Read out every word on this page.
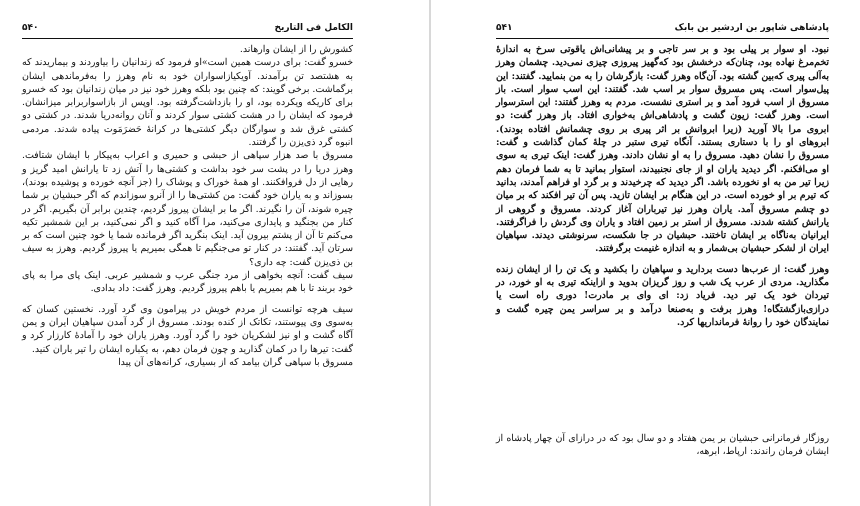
۵۴۰	الکامل فی التاریخ

کشورش را از ایشان وارهاند.

خسرو گفت: برای درست همین است»‌او فرمود که زندانیان را بیاوردند و بیماریدند که به هشتصد تن برآمدند. آویکیاز‌اسواران خود به نام وهرز را به‌فرماندهی ایشان برگماشت. برخی گویند: که چنین بود بلکه وهرز خود نیز در میان زندانیان بود که خسرو برای کاریکه ویکرده بود، او را بازداشت‌گرفته بود. اوپس از باز‌اسوار‌برابر میزانشان. فرمود که ایشان را در هشت کشتی سوار کردند و آنان روانه‌دریا شدند. در کشتی دو کشتی غرق شد و سوارگان دیگر کشتی‌ها در کرانهٔ حَضرَمَوت پیاده شدند. مردمی انبوه گرد ذی‌یزن را گرفتند.

مسروق با صد هزار سپاهی از حبشی و حمیری و اعراب به‌پیکار با ایشان شتافت. وهرز دریا را در پشت سر خود بداشت و کشتی‌ها را آتش زد تا یارانش امید گریز و رهایی از دل فروافکنند. او همهٔ خوراک و پوشاک را (جز آنچه خورده و پوشیده بودند)، بسوزاند و به یاران خود گفت: من کشتی‌ها را از آنرو سوزاندم که اگر حبشیان بر شما چیره شوند، آن را نگیرند. اگر ما بر ایشان پیروز گردیم، چندین برابر آن بگیریم. اگر در کنار من بجنگید و پایداری می‌کنید، مرا آگاه کنید و اگر نمی‌کنید، بر این شمشیر تکیه می‌کنم تا آن از پشتم بیرون آید. اینک بنگرید اگر فرمانده شما یا خود چنین است که بر سرتان آید. گفتند: در کنار تو می‌جنگیم تا همگی بمیریم یا پیروز گردیم. وهرز به سیف بن ذی‌یزن گفت: چه داری؟

سیف گفت: آنچه بخواهی از مرد جنگی عرب و شمشیر عربی. اینک پای مرا به پای خود بربند تا با هم بمیریم یا باهم پیروز گردیم. وهرز گفت: داد بدادی.

سیف هرچه توانست از مردم خویش در پیرامون وی گرد آورد. نخستین کسان که به‌سوی وی پیوستند، تکاتک از کنده بودند. مسروق از گرد آمدن سپاهیان ایران و یمن آگاه گشت و او نیز لشکریان خود را گرد آورد. وهرز یاران خود را آمادهٔ کارزار کرد و گفت: تیرها را در کمان گذارید و چون فرمان دهم، به یکباره ایشان را تیر باران کنید.

مسروق با سپاهی گران بیامد که از بسیاری، کرانه‌های آن پیدا

۵۴۱	پادشاهی شاپور بن اردشیر بن بابک

نبود. او سوار بر پیلی بود و بر سر تاجی و بر پیشانی‌اش یاقوتی سرخ به اندازهٔ تخم‌مرغ نهاده بود، چنان‌که درخشش بود که‌گهیز پیروزی چیزی نمی‌دید. چشمان وهرز به‌آلی پیری که‌بین گشته بود. آن‌گاه وهرز گفت: بازگرشان را به من بنمایید. گفتند: این پیل‌سوار است. پس مسروق سوار بر اسب شد. گفتند: این اسب سوار است. باز مسروق از اسب فرود آمد و بر استری نشست. مردم به وهرز گفتند: این استرسوار است. وهرز گفت: زیون گشت و پادشاهی‌اش به‌خواری افتاد. باز وهرز گفت: دو ابروی مرا بالا آورید (زیرا ابروانش بر اثر پیری بر روی چشمانش افتاده بودند). ابروهای او را با دستاری بستند. آنگاه تیری ستبر در چلهٔ کمان گذاشت و گفت: مسروق را نشان دهید. مسروق را به او نشان دادند. وهرز گفت: اینک تیری به سوی او می‌افکنم. اگر دیدید یاران او از جای نجنبیدند، استوار بمانید تا به شما فرمان دهم زیرا تیر من به او نخورده باشد. اگر دیدید که چرخیدند و بر گرد او فراهم آمدند، بدانید که تیرم بر او خورده است. در این هنگام بر ایشان تازید. پس آن تیر افکند که بر میان دو چشم مسروق آمد. یاران وهرز نیز تیرباران آغاز کردند. مسروق و گروهی از یارانش کشته شدند. مسروق از استر بر زمین افتاد و یاران وی گردش را فراگرفتند. ایرانیان به‌ناگاه بر ایشان تاختند. حبشیان در جا شکست، سرنوشتی دیدند. سپاهیان ایران از لشکر حبشیان بی‌شمار و به اندازه غنیمت برگرفتند.

وهرز گفت: از عرب‌ها دست بردارید و سپاهیان را بکشید و یک تن را از ایشان زنده مگذارید. مردی از عرب یک شب و روز گریزان بدوید و ازاینکه تیری به او خورد، در تیردان خود یک تیر دید. فریاد زد: ای وای بر مادرت! دوری راه است یا درازی‌بازگشتگاه! وهرز برفت و به‌صنعا درآمد و بر سراسر یمن چیره گشت و نمایندگان خود را روانهٔ فرمانداریها کرد.

روزگار فرمانرانی حبشیان بر یمن هفتاد و دو سال بود که در درازای آن چهار پادشاه از ایشان فرمان راندند: ارپاط، ابرهه،
